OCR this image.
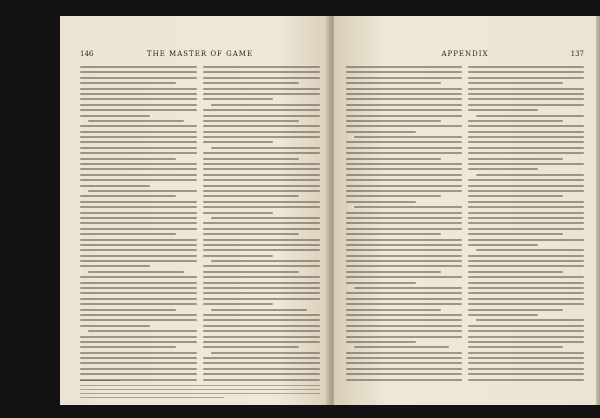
146	THE MASTER OF GAME	APPENDIX	137
